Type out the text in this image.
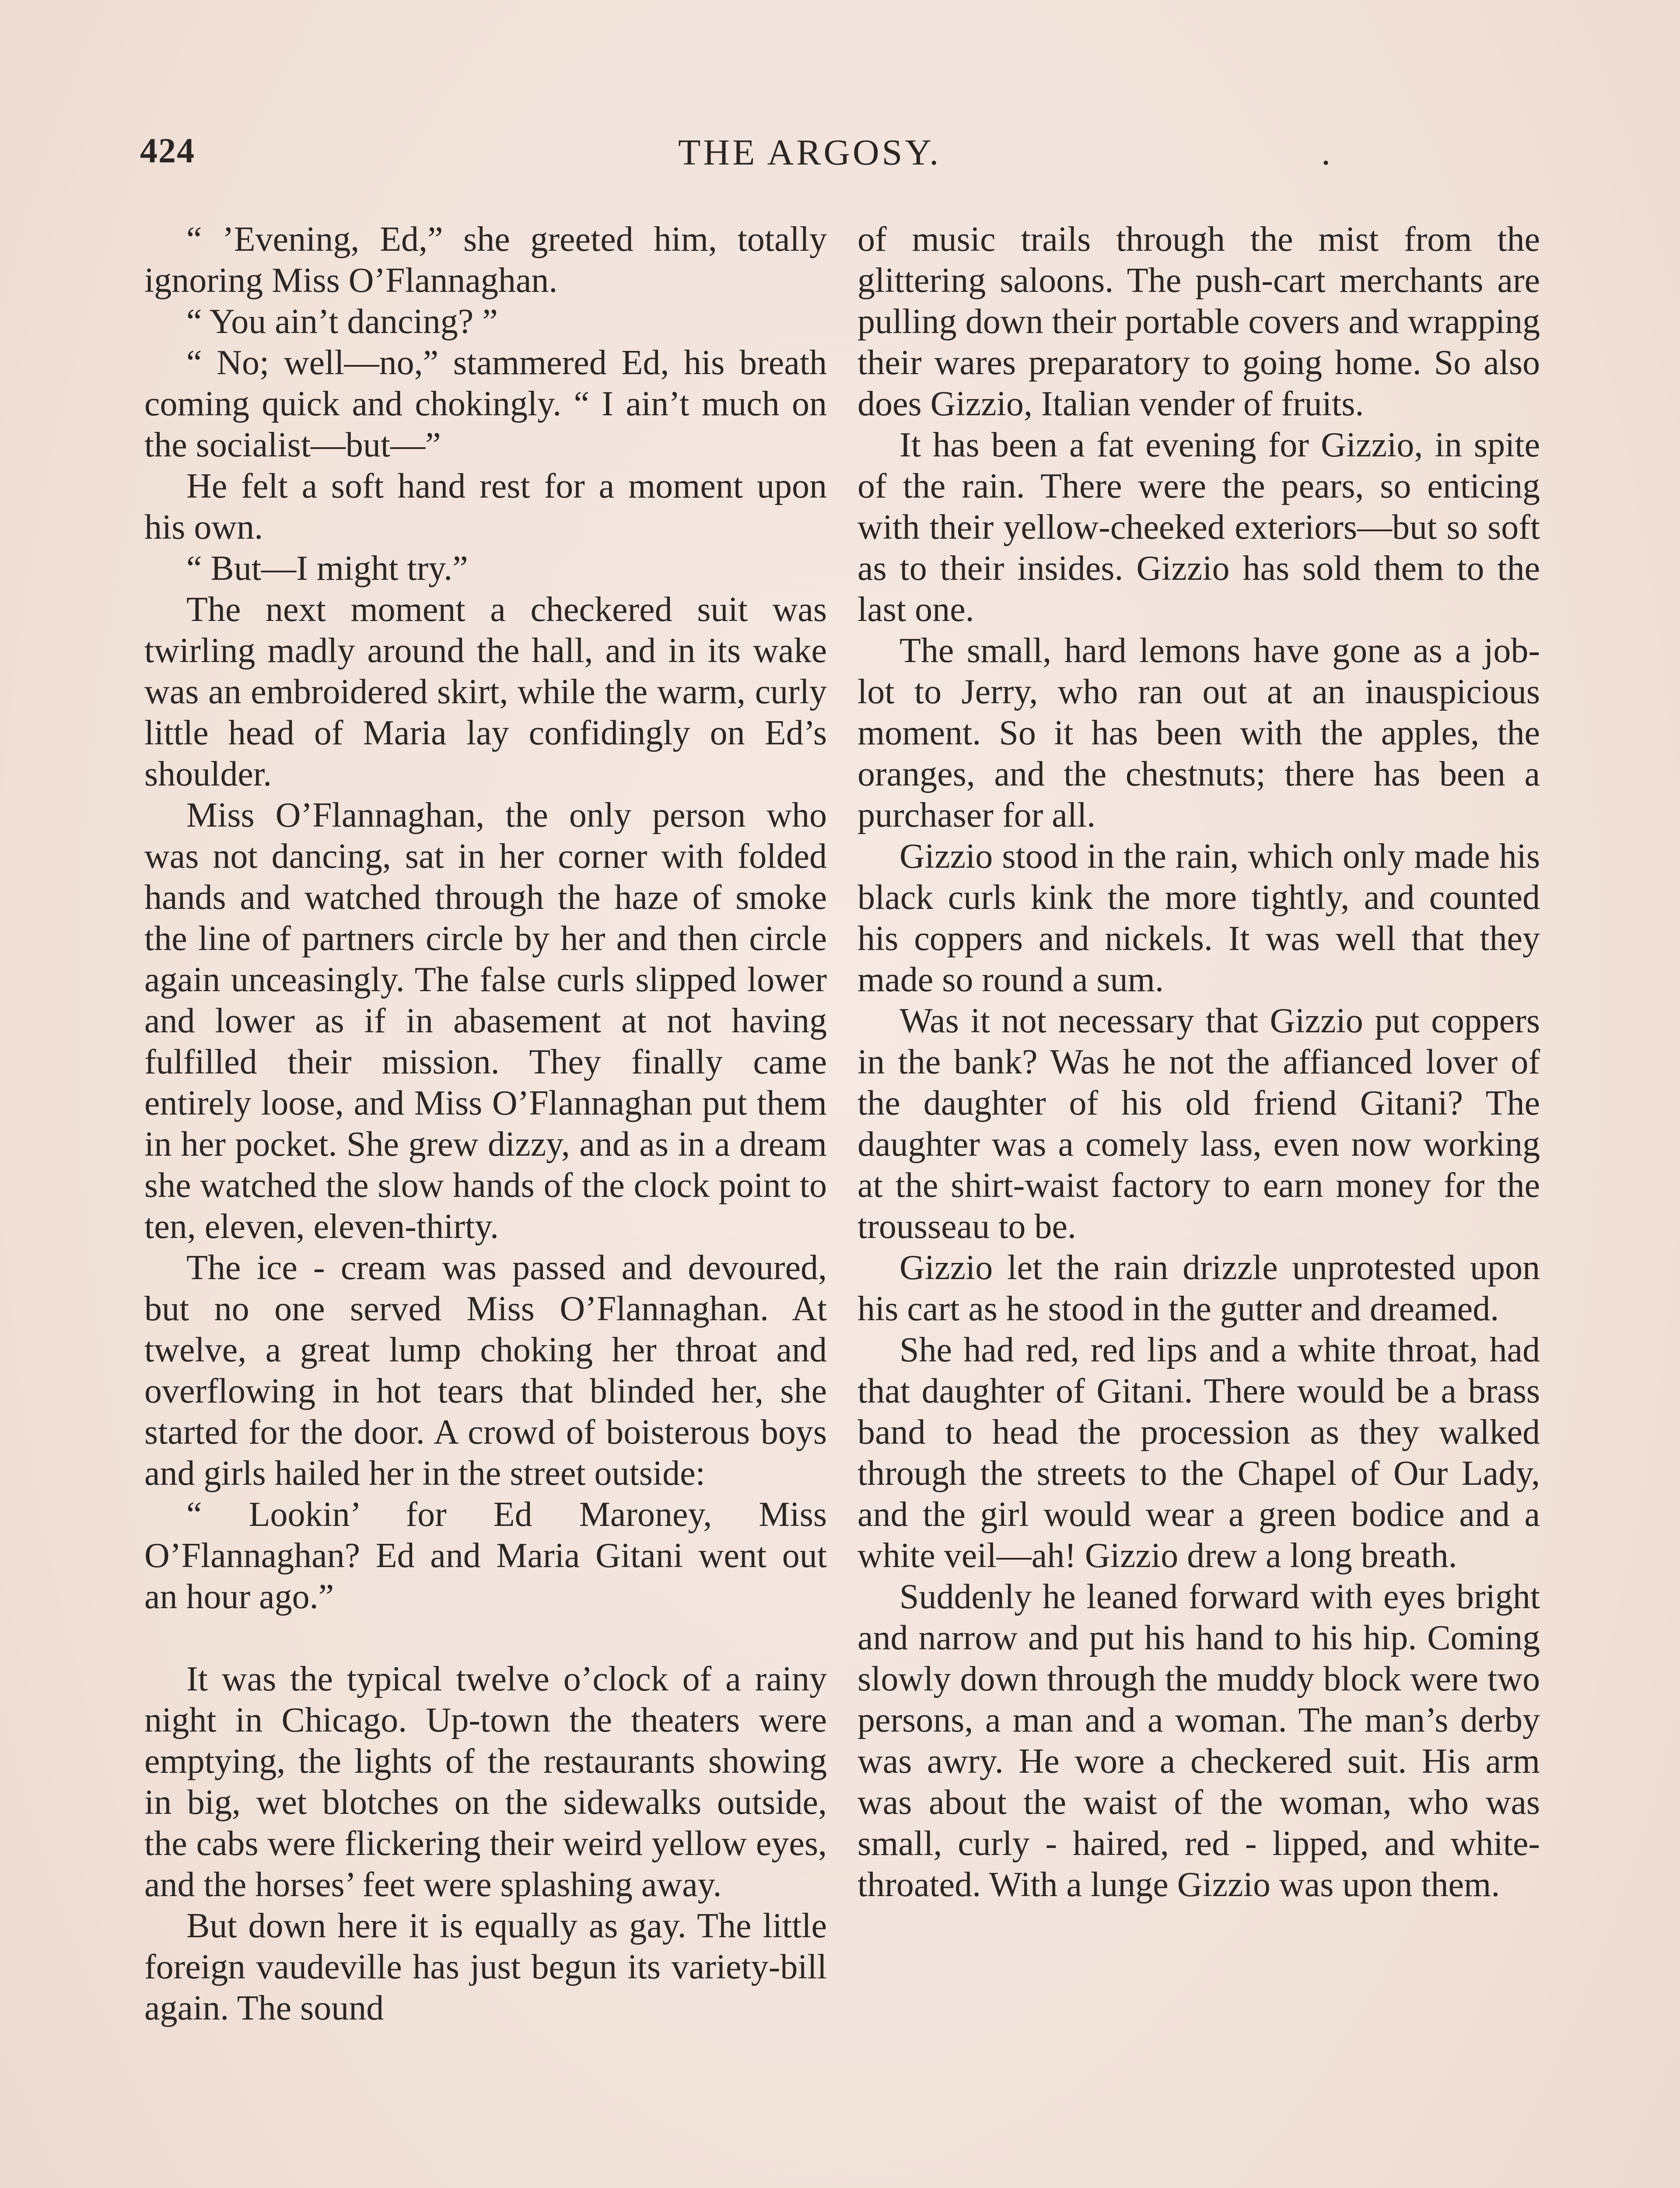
424	THE ARGOSY.	.

“ ’Evening, Ed,” she greeted him, totally ignoring Miss O’Flannaghan.

“ You ain’t dancing? ”

“ No; well—no,” stammered Ed, his breath coming quick and chokingly. “ I ain’t much on the socialist—but—”

He felt a soft hand rest for a moment upon his own.

“ But—I might try.”

The next moment a checkered suit was twirling madly around the hall, and in its wake was an embroidered skirt, while the warm, curly little head of Maria lay confidingly on Ed’s shoulder.

Miss O’Flannaghan, the only person who was not dancing, sat in her corner with folded hands and watched through the haze of smoke the line of partners circle by her and then circle again unceasingly. The false curls slipped lower and lower as if in abasement at not having fulfilled their mission. They finally came entirely loose, and Miss O’Flannaghan put them in her pocket. She grew dizzy, and as in a dream she watched the slow hands of the clock point to ten, eleven, eleven-thirty.

The ice - cream was passed and devoured, but no one served Miss O’Flannaghan. At twelve, a great lump choking her throat and overflowing in hot tears that blinded her, she started for the door. A crowd of boisterous boys and girls hailed her in the street outside:

“ Lookin’ for Ed Maroney, Miss O’Flannaghan? Ed and Maria Gitani went out an hour ago.”

It was the typical twelve o’clock of a rainy night in Chicago. Up-town the theaters were emptying, the lights of the restaurants showing in big, wet blotches on the sidewalks outside, the cabs were flickering their weird yellow eyes, and the horses’ feet were splashing away.

But down here it is equally as gay. The little foreign vaudeville has just begun its variety-bill again. The sound

of music trails through the mist from the glittering saloons. The push-cart merchants are pulling down their portable covers and wrapping their wares preparatory to going home. So also does Gizzio, Italian vender of fruits.

It has been a fat evening for Gizzio, in spite of the rain. There were the pears, so enticing with their yellow-cheeked exteriors—but so soft as to their insides. Gizzio has sold them to the last one.

The small, hard lemons have gone as a job-lot to Jerry, who ran out at an inauspicious moment. So it has been with the apples, the oranges, and the chestnuts; there has been a purchaser for all.

Gizzio stood in the rain, which only made his black curls kink the more tightly, and counted his coppers and nickels. It was well that they made so round a sum.

Was it not necessary that Gizzio put coppers in the bank? Was he not the affianced lover of the daughter of his old friend Gitani? The daughter was a comely lass, even now working at the shirt-waist factory to earn money for the trousseau to be.

Gizzio let the rain drizzle unprotested upon his cart as he stood in the gutter and dreamed.

She had red, red lips and a white throat, had that daughter of Gitani. There would be a brass band to head the procession as they walked through the streets to the Chapel of Our Lady, and the girl would wear a green bodice and a white veil—ah! Gizzio drew a long breath.

Suddenly he leaned forward with eyes bright and narrow and put his hand to his hip. Coming slowly down through the muddy block were two persons, a man and a woman. The man’s derby was awry. He wore a checkered suit. His arm was about the waist of the woman, who was small, curly - haired, red - lipped, and white-throated. With a lunge Gizzio was upon them.
